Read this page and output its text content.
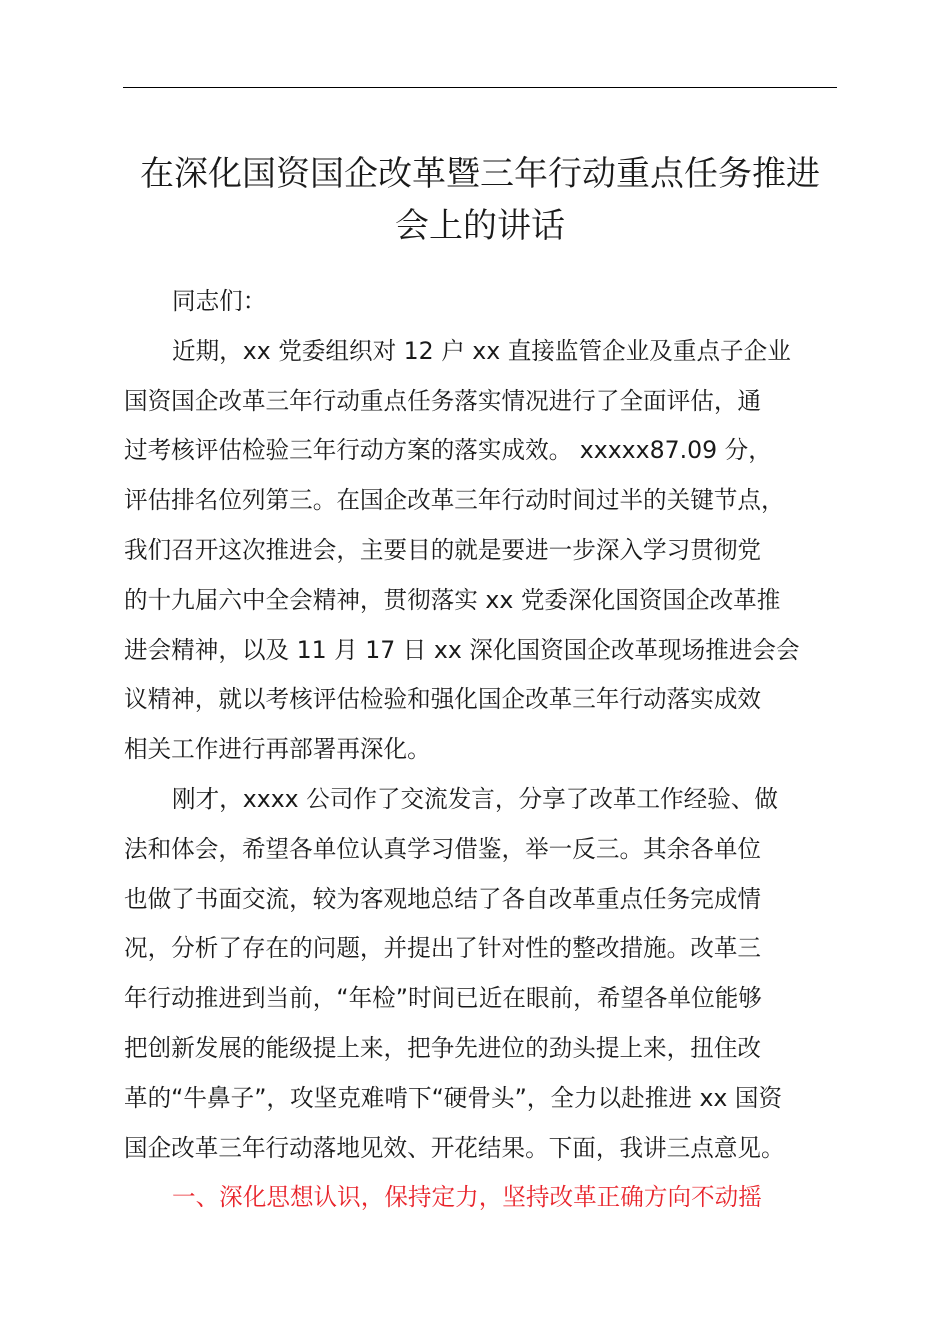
在深化国资国企改革暨三年行动重点任务推进
会上的讲话
同志们：
近期，xx 党委组织对 12 户 xx 直接监管企业及重点子企业
国资国企改革三年行动重点任务落实情况进行了全面评估，通
过考核评估检验三年行动方案的落实成效。 xxxxx87.09 分，
评估排名位列第三。在国企改革三年行动时间过半的关键节点，
我们召开这次推进会，主要目的就是要进一步深入学习贯彻党
的十九届六中全会精神，贯彻落实 xx 党委深化国资国企改革推
进会精神，以及 11 月 17 日 xx 深化国资国企改革现场推进会会
议精神，就以考核评估检验和强化国企改革三年行动落实成效
相关工作进行再部署再深化。
刚才，xxxx 公司作了交流发言，分享了改革工作经验、做
法和体会，希望各单位认真学习借鉴，举一反三。其余各单位
也做了书面交流，较为客观地总结了各自改革重点任务完成情
况，分析了存在的问题，并提出了针对性的整改措施。改革三
年行动推进到当前，“年检”时间已近在眼前，希望各单位能够
把创新发展的能级提上来，把争先进位的劲头提上来，扭住改
革的“牛鼻子”，攻坚克难啃下“硬骨头”，全力以赴推进 xx 国资
国企改革三年行动落地见效、开花结果。下面，我讲三点意见。
一、深化思想认识，保持定力，坚持改革正确方向不动摇
